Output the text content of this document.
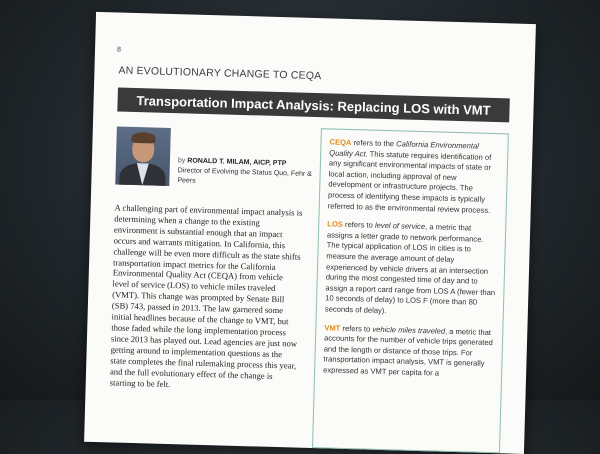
8
AN EVOLUTIONARY CHANGE TO CEQA
Transportation Impact Analysis: Replacing LOS with VMT
by RONALD T. MILAM, AICP, PTP
Director of Evolving the Status Quo, Fehr & Peers
A challenging part of environmental impact analysis is determining when a change to the existing environment is substantial enough that an impact occurs and warrants mitigation. In California, this challenge will be even more difficult as the state shifts transportation impact metrics for the California Environmental Quality Act (CEQA) from vehicle level of service (LOS) to vehicle miles traveled (VMT). This change was prompted by Senate Bill (SB) 743, passed in 2013. The law garnered some initial headlines because of the change to VMT, but those faded while the long implementation process since 2013 has played out. Lead agencies are just now getting around to implementation questions as the state completes the final rulemaking process this year, and the full evolutionary effect of the change is starting to be felt.

CEQA refers to the California Environmental Quality Act. This statute requires identification of any significant environmental impacts of state or local action, including approval of new development or infrastructure projects. The process of identifying these impacts is typically referred to as the environmental review process.

LOS refers to level of service, a metric that assigns a letter grade to network performance. The typical application of LOS in cities is to measure the average amount of delay experienced by vehicle drivers at an intersection during the most congested time of day and to assign a report card range from LOS A (fewer than 10 seconds of delay) to LOS F (more than 80 seconds of delay).

VMT refers to vehicle miles traveled, a metric that accounts for the number of vehicle trips generated and the length or distance of those trips. For transportation impact analysis, VMT is generally expressed as VMT per capita for a
